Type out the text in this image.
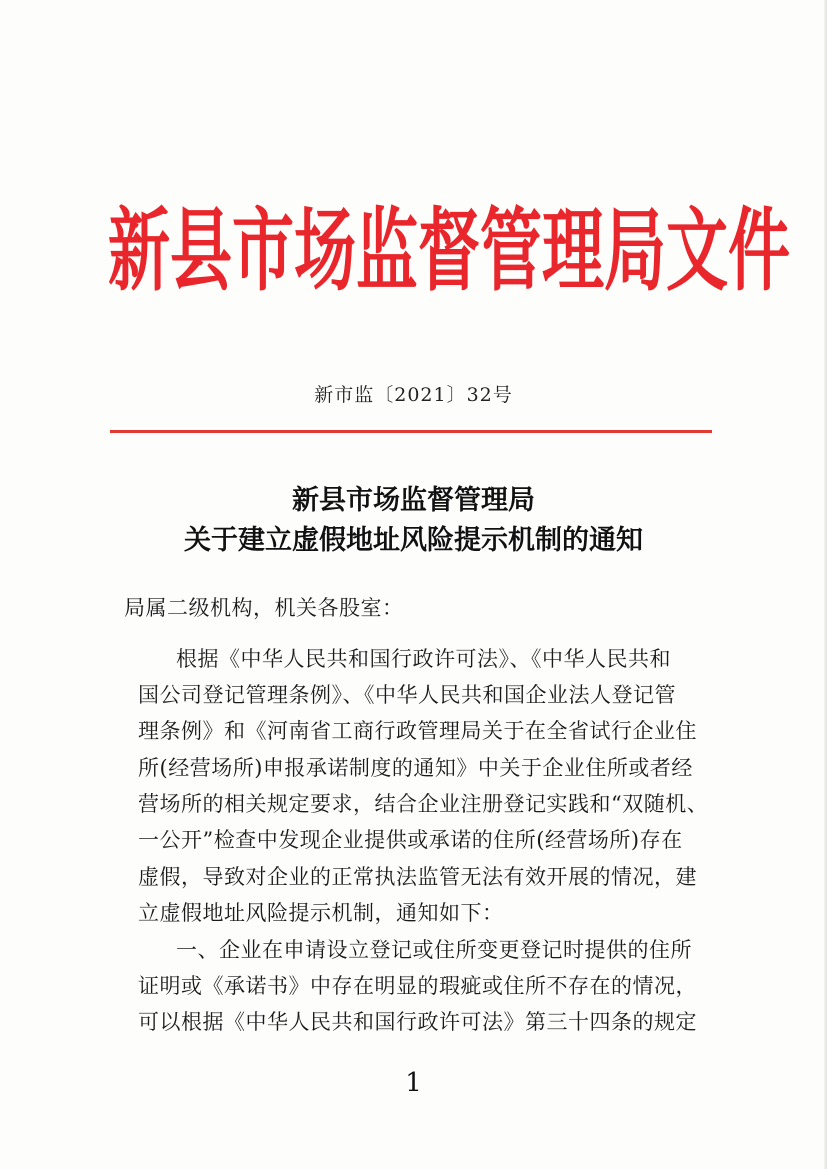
新县市场监督管理局文件
新市监〔2021〕32号
新县市场监督管理局
关于建立虚假地址风险提示机制的通知
局属二级机构，机关各股室：
根据《中华人民共和国行政许可法》、《中华人民共和
国公司登记管理条例》、《中华人民共和国企业法人登记管
理条例》和《河南省工商行政管理局关于在全省试行企业住
所(经营场所)申报承诺制度的通知》中关于企业住所或者经
营场所的相关规定要求，结合企业注册登记实践和“双随机、
一公开”检查中发现企业提供或承诺的住所(经营场所)存在
虚假，导致对企业的正常执法监管无法有效开展的情况，建
立虚假地址风险提示机制，通知如下：
一、企业在申请设立登记或住所变更登记时提供的住所
证明或《承诺书》中存在明显的瑕疵或住所不存在的情况，
可以根据《中华人民共和国行政许可法》第三十四条的规定
1
